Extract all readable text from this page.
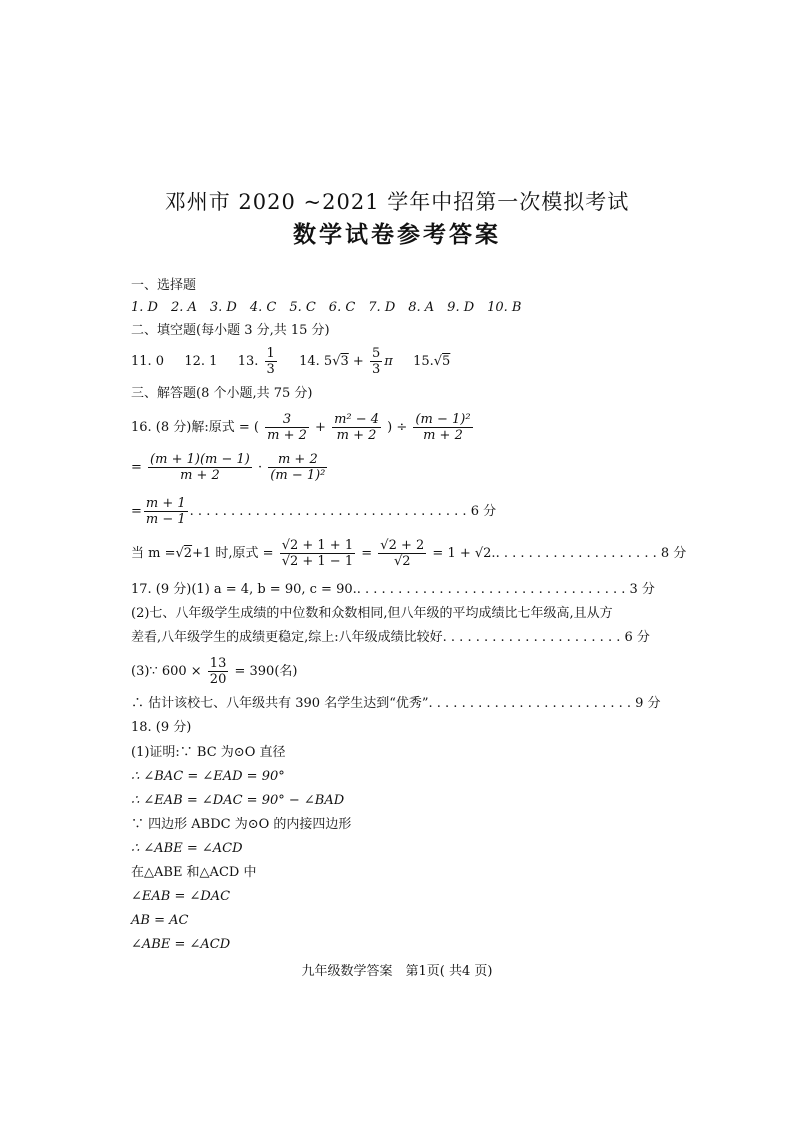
邓州市 2020 ~2021 学年中招第一次模拟考试
数学试卷参考答案
一、选择题
1. D　2. A　3. D　4. C　5. C　6. C　7. D　8. A　9. D　10. B
二、填空题(每小题 3 分,共 15 分)
11. 0 12. 1 13. $\frac{1}{3} 14$. $5√3 + \frac{5}{3}$ π 15.√5
三、解答题(8 个小题,共 75 分)
16. (8 分)解:原式 = ( $\frac{3}{m + 2} + \frac{\text{m² − 4}}{m + 2}$ ) ÷ $\frac{\text{(m − 1)²}}{m + 2}$
= $\frac{(m + 1)(m - 1)}{m + 2} \cdot \frac{m + 2}{\text{(m − 1)²}}$
= $\frac{m + 1}{m - 1}$ . . . . . . . . . . . . . . . . . . . . . . . . . . . . . . . . . . 6 分
当 m =√2+1 时,原式 = $\frac{√2 + 1 + 1}{√2 + 1 - 1} = \frac{√2 + 2}{√2} = 1 + √2$.. . . . . . . . . . . . . . . . . . . . 8 分
17. (9 分)(1) a = 4, b = 90, c = 90.. . . . . . . . . . . . . . . . . . . . . . . . . . . . . . . . . 3 分
(2)七、八年级学生成绩的中位数和众数相同,但八年级的平均成绩比七年级高,且从方
差看,八年级学生的成绩更稳定,综上:八年级成绩比较好. . . . . . . . . . . . . . . . . . . . . . 6 分
(3)∵ $600 \times \frac{13}{20} = 390$(名)
∴ 估计该校七、八年级共有 390 名学生达到“优秀”. . . . . . . . . . . . . . . . . . . . . . . . . 9 分
18. (9 分)
(1)证明:∵ BC 为⊙O 直径
∴ ∠BAC = ∠EAD = 90°
∴ ∠EAB = ∠DAC = 90° − ∠BAD
∵ 四边形 ABDC 为⊙O 的内接四边形
∴ ∠ABE = ∠ACD
在△ABE 和△ACD 中
∠EAB = ∠DAC
AB = AC
∠ABE = ∠ACD
九年级数学答案　第1页( 共4 页)
